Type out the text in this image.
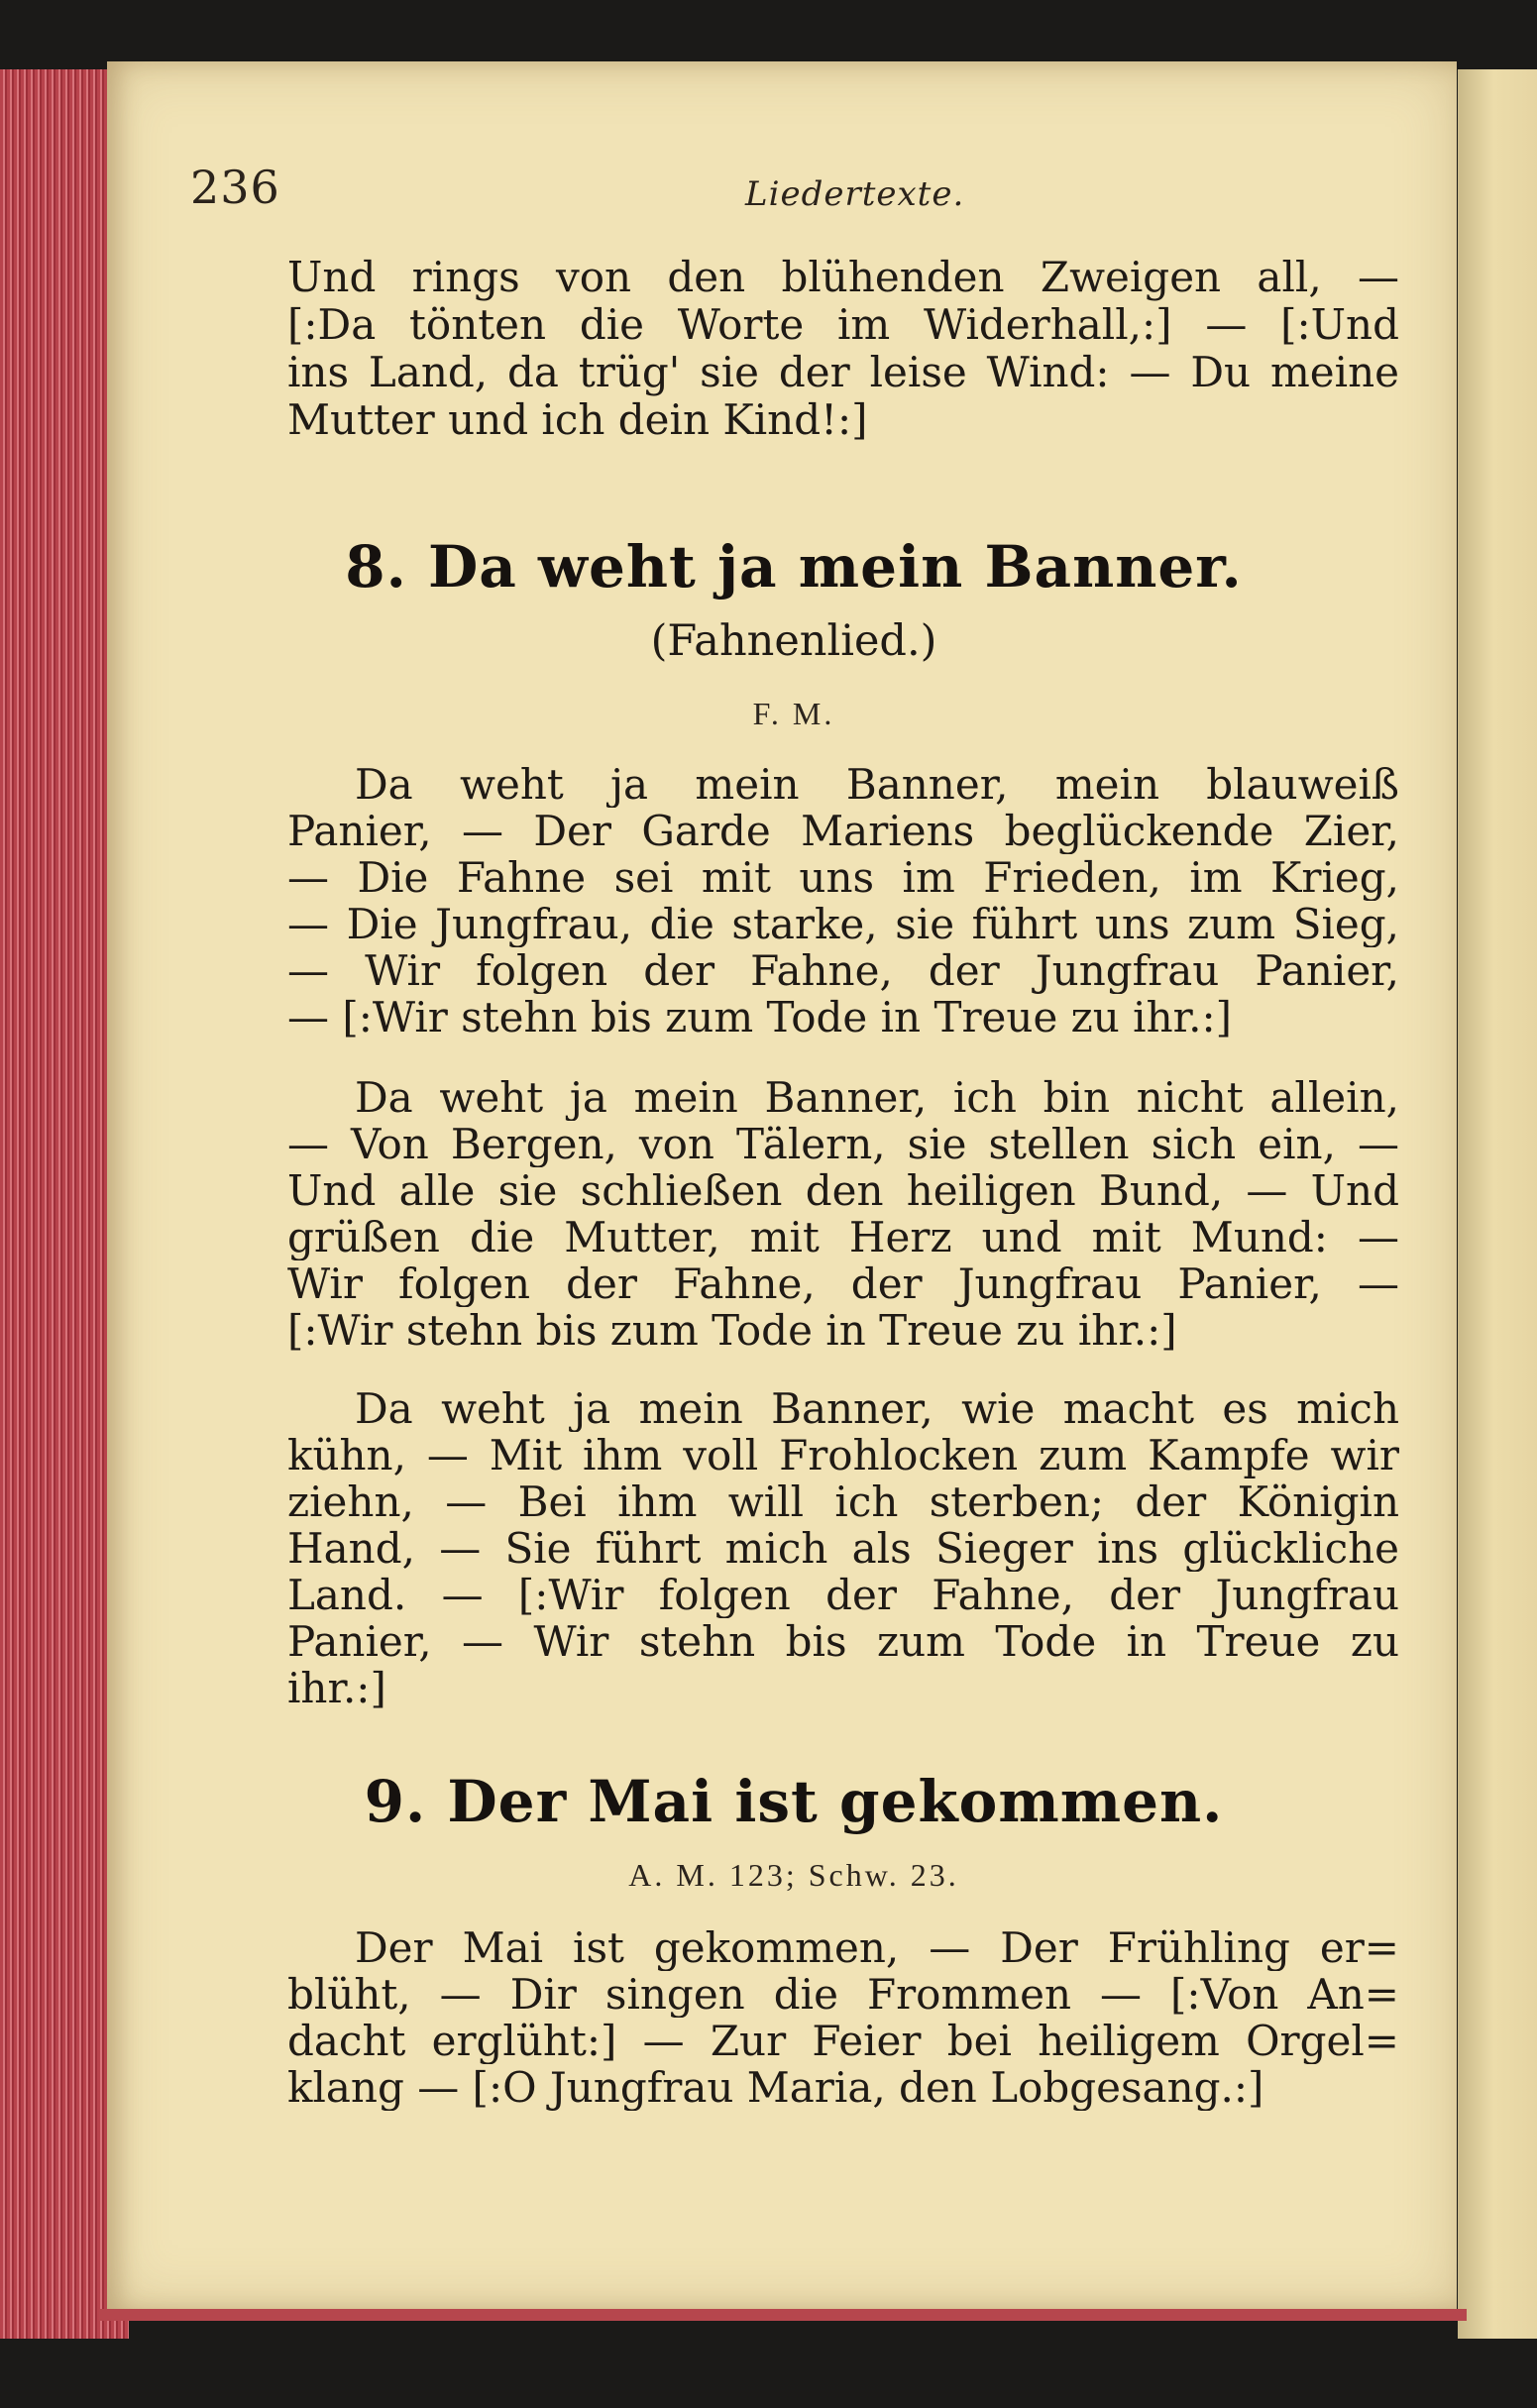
236	Liedertexte.
Und rings von den blühenden Zweigen all, —
[:Da tönten die Worte im Widerhall,:] — [:Und
ins Land, da trüg' sie der leise Wind: — Du meine
Mutter und ich dein Kind!:]
8. Da weht ja mein Banner.
(Fahnenlied.)
F. M.
Da weht ja mein Banner, mein blauweiß
Panier, — Der Garde Mariens beglückende Zier,
— Die Fahne sei mit uns im Frieden, im Krieg,
— Die Jungfrau, die starke, sie führt uns zum Sieg,
— Wir folgen der Fahne, der Jungfrau Panier,
— [:Wir stehn bis zum Tode in Treue zu ihr.:]
Da weht ja mein Banner, ich bin nicht allein,
— Von Bergen, von Tälern, sie stellen sich ein, —
Und alle sie schließen den heiligen Bund, — Und
grüßen die Mutter, mit Herz und mit Mund: —
Wir folgen der Fahne, der Jungfrau Panier, —
[:Wir stehn bis zum Tode in Treue zu ihr.:]
Da weht ja mein Banner, wie macht es mich
kühn, — Mit ihm voll Frohlocken zum Kampfe wir
ziehn, — Bei ihm will ich sterben; der Königin
Hand, — Sie führt mich als Sieger ins glückliche
Land. — [:Wir folgen der Fahne, der Jungfrau
Panier, — Wir stehn bis zum Tode in Treue zu
ihr.:]
9. Der Mai ist gekommen.
A. M. 123; Schw. 23.
Der Mai ist gekommen, — Der Frühling er=
blüht, — Dir singen die Frommen — [:Von An=
dacht erglüht:] — Zur Feier bei heiligem Orgel=
klang — [:O Jungfrau Maria, den Lobgesang.:]
